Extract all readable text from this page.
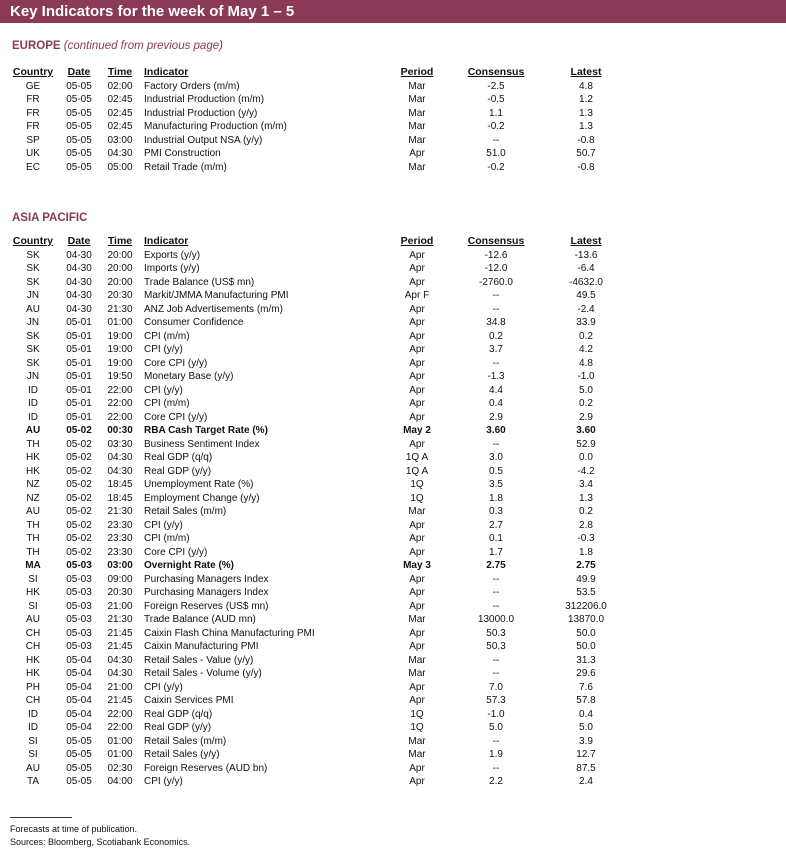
Key Indicators for the week of May 1 – 5
EUROPE (continued from previous page)
Country	Date	Time	Indicator	Period	Consensus	Latest
GE	05-05	02:00	Factory Orders (m/m)	Mar	-2.5	4.8
FR	05-05	02:45	Industrial Production (m/m)	Mar	-0.5	1.2
FR	05-05	02:45	Industrial Production (y/y)	Mar	1.1	1.3
FR	05-05	02:45	Manufacturing Production (m/m)	Mar	-0.2	1.3
SP	05-05	03:00	Industrial Output NSA (y/y)	Mar	--	-0.8
UK	05-05	04:30	PMI Construction	Apr	51.0	50.7
EC	05-05	05:00	Retail Trade (m/m)	Mar	-0.2	-0.8
ASIA PACIFIC
Country	Date	Time	Indicator	Period	Consensus	Latest
SK	04-30	20:00	Exports (y/y)	Apr	-12.6	-13.6
SK	04-30	20:00	Imports (y/y)	Apr	-12.0	-6.4
SK	04-30	20:00	Trade Balance (US$ mn)	Apr	-2760.0	-4632.0
JN	04-30	20:30	Markit/JMMA Manufacturing PMI	Apr F	--	49.5
AU	04-30	21:30	ANZ Job Advertisements (m/m)	Apr	--	-2.4
JN	05-01	01:00	Consumer Confidence	Apr	34.8	33.9
SK	05-01	19:00	CPI (m/m)	Apr	0.2	0.2
SK	05-01	19:00	CPI (y/y)	Apr	3.7	4.2
SK	05-01	19:00	Core CPI (y/y)	Apr	--	4.8
JN	05-01	19:50	Monetary Base (y/y)	Apr	-1.3	-1.0
ID	05-01	22:00	CPI (y/y)	Apr	4.4	5.0
ID	05-01	22:00	CPI (m/m)	Apr	0.4	0.2
ID	05-01	22:00	Core CPI (y/y)	Apr	2.9	2.9
AU	05-02	00:30	RBA Cash Target Rate (%)	May 2	3.60	3.60
TH	05-02	03:30	Business Sentiment Index	Apr	--	52.9
HK	05-02	04:30	Real GDP (q/q)	1Q A	3.0	0.0
HK	05-02	04:30	Real GDP (y/y)	1Q A	0.5	-4.2
NZ	05-02	18:45	Unemployment Rate (%)	1Q	3.5	3.4
NZ	05-02	18:45	Employment Change (y/y)	1Q	1.8	1.3
AU	05-02	21:30	Retail Sales (m/m)	Mar	0.3	0.2
TH	05-02	23:30	CPI (y/y)	Apr	2.7	2.8
TH	05-02	23:30	CPI (m/m)	Apr	0.1	-0.3
TH	05-02	23:30	Core CPI (y/y)	Apr	1.7	1.8
MA	05-03	03:00	Overnight Rate (%)	May 3	2.75	2.75
SI	05-03	09:00	Purchasing Managers Index	Apr	--	49.9
HK	05-03	20:30	Purchasing Managers Index	Apr	--	53.5
SI	05-03	21:00	Foreign Reserves (US$ mn)	Apr	--	312206.0
AU	05-03	21:30	Trade Balance (AUD mn)	Mar	13000.0	13870.0
CH	05-03	21:45	Caixin Flash China Manufacturing PMI	Apr	50.3	50.0
CH	05-03	21:45	Caixin Manufacturing PMI	Apr	50.3	50.0
HK	05-04	04:30	Retail Sales - Value (y/y)	Mar	--	31.3
HK	05-04	04:30	Retail Sales - Volume (y/y)	Mar	--	29.6
PH	05-04	21:00	CPI (y/y)	Apr	7.0	7.6
CH	05-04	21:45	Caixin Services PMI	Apr	57.3	57.8
ID	05-04	22:00	Real GDP (q/q)	1Q	-1.0	0.4
ID	05-04	22:00	Real GDP (y/y)	1Q	5.0	5.0
SI	05-05	01:00	Retail Sales (m/m)	Mar	--	3.9
SI	05-05	01:00	Retail Sales (y/y)	Mar	1.9	12.7
AU	05-05	02:30	Foreign Reserves (AUD bn)	Apr	--	87.5
TA	05-05	04:00	CPI (y/y)	Apr	2.2	2.4
Forecasts at time of publication.
Sources: Bloomberg, Scotiabank Economics.
